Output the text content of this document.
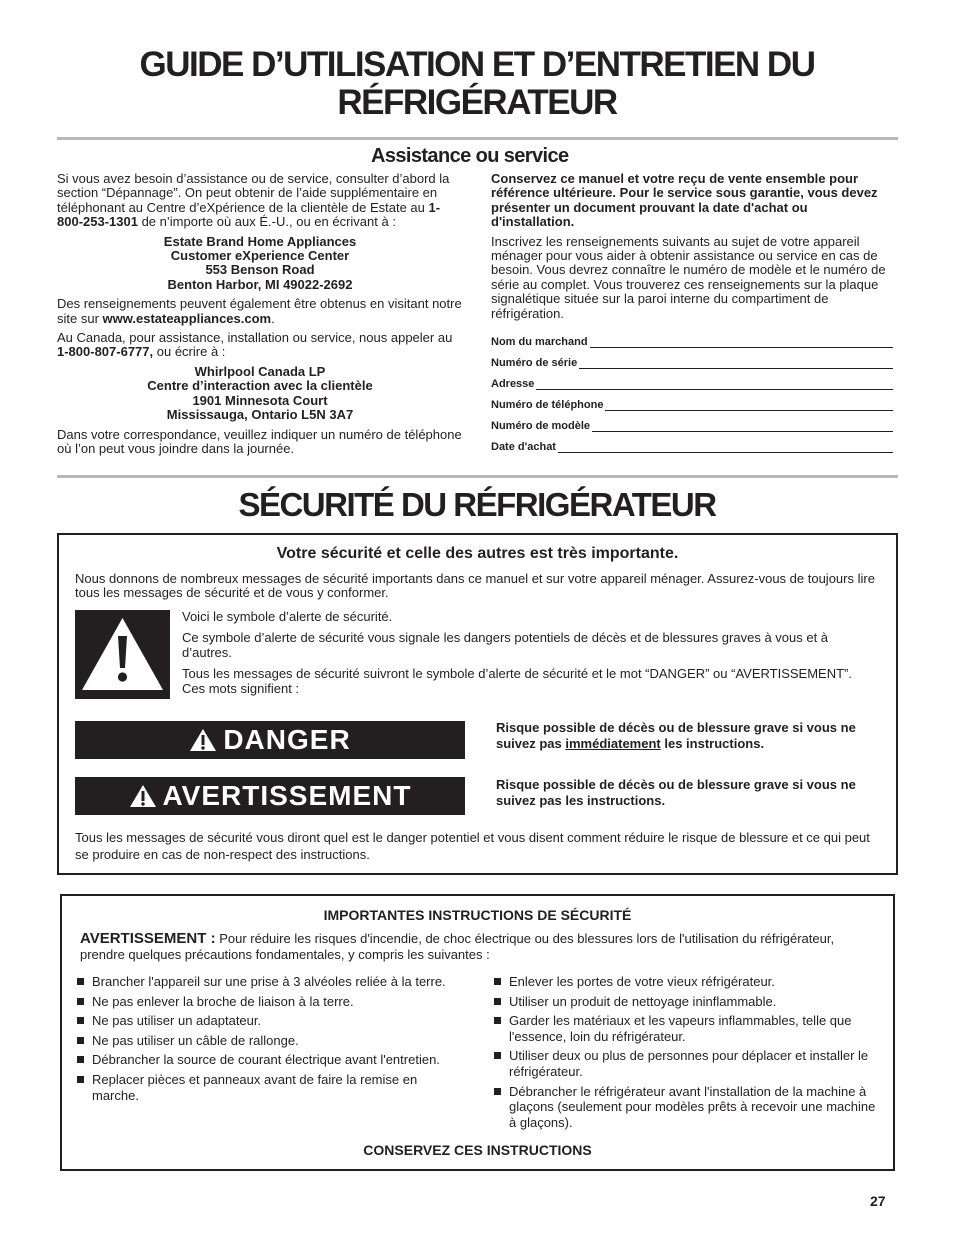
GUIDE D’UTILISATION ET D’ENTRETIEN DU
RÉFRIGÉRATEUR
Assistance ou service

Si vous avez besoin d’assistance ou de service, consulter d’abord la section “Dépannage”. On peut obtenir de l’aide supplémentaire en téléphonant au Centre d’eXpérience de la clientèle de Estate au 1-800-253-1301 de n’importe où aux É.-U., ou en écrivant à :

Estate Brand Home Appliances
Customer eXperience Center
553 Benson Road
Benton Harbor, MI 49022-2692

Des renseignements peuvent également être obtenus en visitant notre site sur www.estateappliances.com.

Au Canada, pour assistance, installation ou service, nous appeler au 1-800-807-6777, ou écrire à :

Whirlpool Canada LP
Centre d’interaction avec la clientèle
1901 Minnesota Court
Mississauga, Ontario L5N 3A7

Dans votre correspondance, veuillez indiquer un numéro de téléphone où l’on peut vous joindre dans la journée.

Conservez ce manuel et votre reçu de vente ensemble pour référence ultérieure. Pour le service sous garantie, vous devez présenter un document prouvant la date d'achat ou d'installation.

Inscrivez les renseignements suivants au sujet de votre appareil ménager pour vous aider à obtenir assistance ou service en cas de besoin. Vous devrez connaître le numéro de modèle et le numéro de série au complet. Vous trouverez ces renseignements sur la plaque signalétique située sur la paroi interne du compartiment de réfrigération.

Nom du marchand
Numéro de série
Adresse
Numéro de téléphone
Numéro de modèle
Date d'achat
SÉCURITÉ DU RÉFRIGÉRATEUR
Votre sécurité et celle des autres est très importante.

Nous donnons de nombreux messages de sécurité importants dans ce manuel et sur votre appareil ménager. Assurez-vous de toujours lire tous les messages de sécurité et de vous y conformer.

Voici le symbole d’alerte de sécurité.

Ce symbole d’alerte de sécurité vous signale les dangers potentiels de décès et de blessures graves à vous et à d’autres.

Tous les messages de sécurité suivront le symbole d’alerte de sécurité et le mot “DANGER” ou “AVERTISSEMENT”. Ces mots signifient :

DANGER	Risque possible de décès ou de blessure grave si vous ne suivez pas immédiatement les instructions.

AVERTISSEMENT	Risque possible de décès ou de blessure grave si vous ne suivez pas les instructions.

Tous les messages de sécurité vous diront quel est le danger potentiel et vous disent comment réduire le risque de blessure et ce qui peut se produire en cas de non-respect des instructions.

IMPORTANTES INSTRUCTIONS DE SÉCURITÉ

AVERTISSEMENT : Pour réduire les risques d'incendie, de choc électrique ou des blessures lors de l'utilisation du réfrigérateur, prendre quelques précautions fondamentales, y compris les suivantes :

Brancher l'appareil sur une prise à 3 alvéoles reliée à la terre.
Ne pas enlever la broche de liaison à la terre.
Ne pas utiliser un adaptateur.
Ne pas utiliser un câble de rallonge.
Débrancher la source de courant électrique avant l'entretien.
Replacer pièces et panneaux avant de faire la remise en marche.
Enlever les portes de votre vieux réfrigérateur.
Utiliser un produit de nettoyage ininflammable.
Garder les matériaux et les vapeurs inflammables, telle que l'essence, loin du réfrigérateur.
Utiliser deux ou plus de personnes pour déplacer et installer le réfrigérateur.
Débrancher le réfrigérateur avant l'installation de la machine à glaçons (seulement pour modèles prêts à recevoir une machine à glaçons).
CONSERVEZ CES INSTRUCTIONS
27
